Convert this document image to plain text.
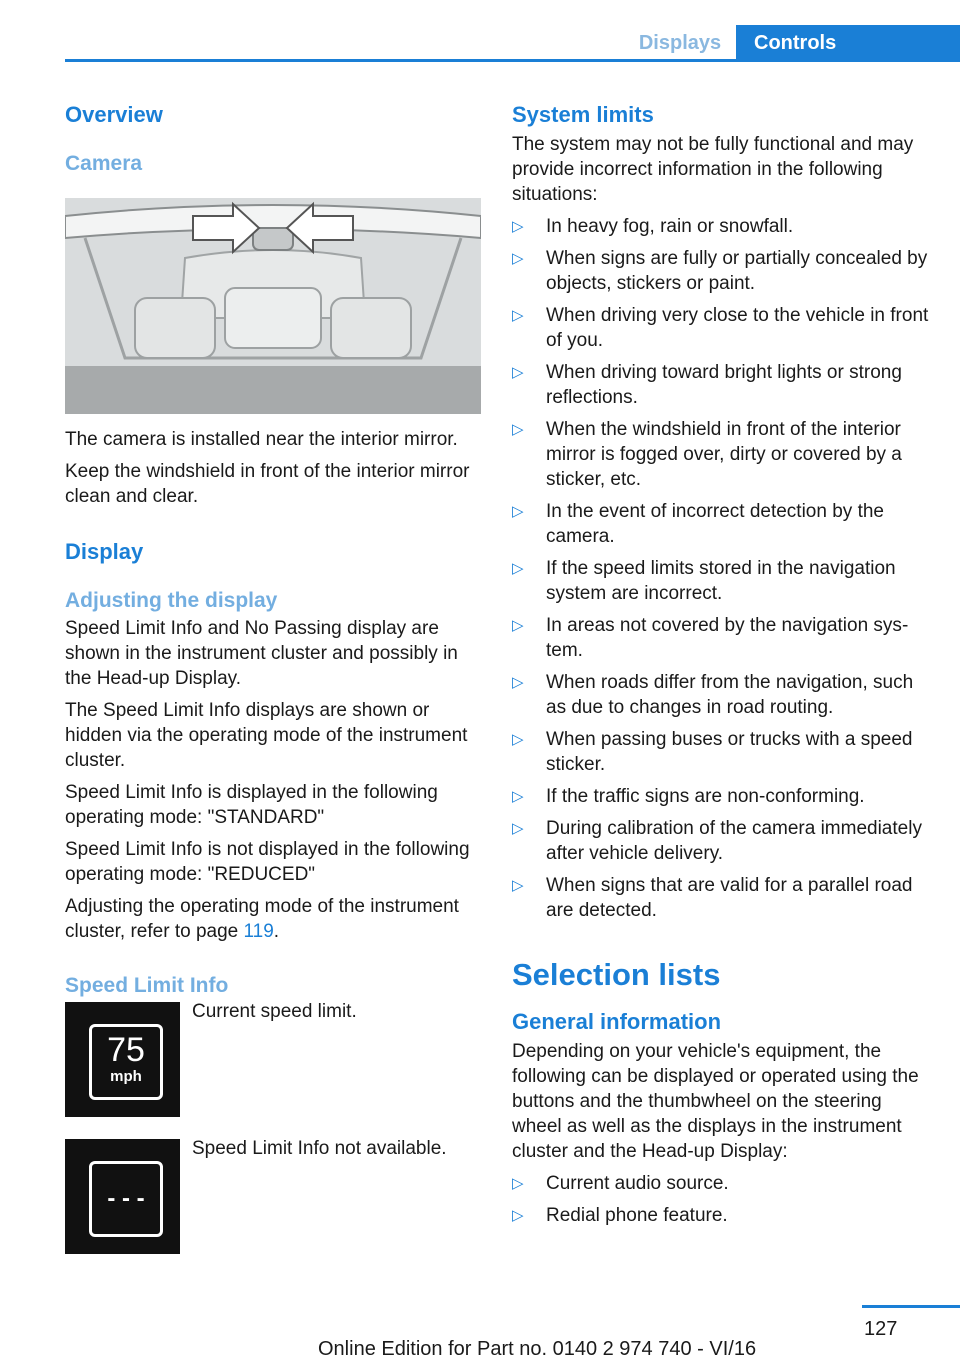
Displays	Controls
Overview
Camera

The camera is installed near the interior mirror.

Keep the windshield in front of the interior mirror clean and clear.

Display
Adjusting the display

Speed Limit Info and No Passing display are shown in the instrument cluster and possibly in the Head-up Display.

The Speed Limit Info displays are shown or hidden via the operating mode of the instrument cluster.

Speed Limit Info is displayed in the following operating mode: "STANDARD"

Speed Limit Info is not displayed in the following operating mode: "REDUCED"

Adjusting the operating mode of the instrument cluster, refer to page 119.

Speed Limit Info
75
mph

Current speed limit.

- - -

Speed Limit Info not available.

System limits

The system may not be fully functional and may provide incorrect information in the following situations:

▷ In heavy fog, rain or snowfall.
▷ When signs are fully or partially concealed by objects, stickers or paint.
▷ When driving very close to the vehicle in front of you.
▷ When driving toward bright lights or strong reflections.
▷ When the windshield in front of the interior mirror is fogged over, dirty or covered by a sticker, etc.
▷ In the event of incorrect detection by the camera.
▷ If the speed limits stored in the navigation system are incorrect.
▷ In areas not covered by the navigation system.
▷ When roads differ from the navigation, such as due to changes in road routing.
▷ When passing buses or trucks with a speed sticker.
▷ If the traffic signs are non-conforming.
▷ During calibration of the camera immediately after vehicle delivery.
▷ When signs that are valid for a parallel road are detected.
Selection lists
General information

Depending on your vehicle's equipment, the following can be displayed or operated using the buttons and the thumbwheel on the steering wheel as well as the displays in the instrument cluster and the Head-up Display:

▷ Current audio source.
▷ Redial phone feature.
127
Online Edition for Part no. 0140 2 974 740 - VI/16
